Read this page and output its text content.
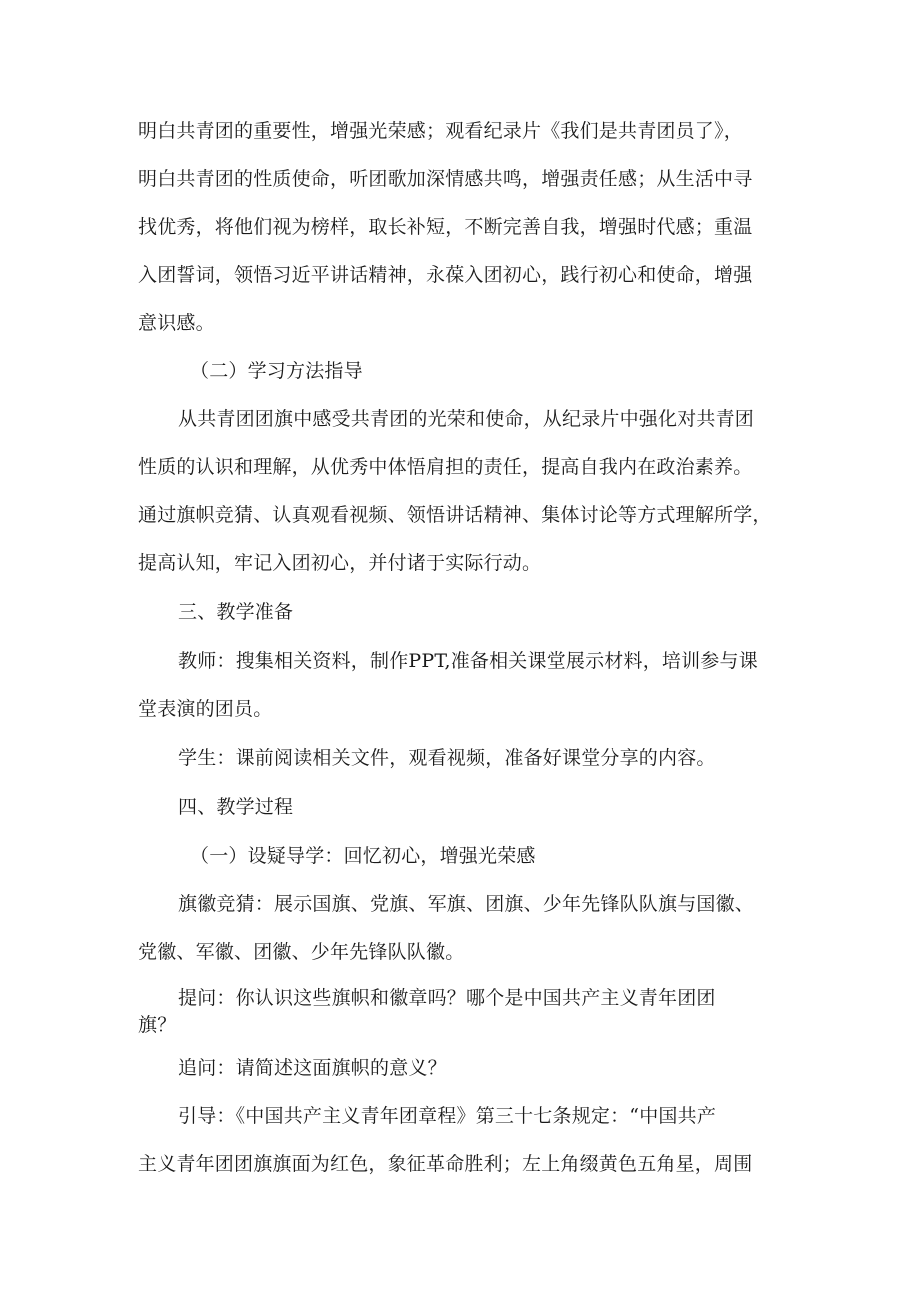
明白共青团的重要性，增强光荣感；观看纪录片《我们是共青团员了》，
明白共青团的性质使命，听团歌加深情感共鸣，增强责任感；从生活中寻
找优秀，将他们视为榜样，取长补短，不断完善自我，增强时代感；重温
入团誓词，领悟习近平讲话精神，永葆入团初心，践行初心和使命，增强
意识感。
（二）学习方法指导
从共青团团旗中感受共青团的光荣和使命，从纪录片中强化对共青团
性质的认识和理解，从优秀中体悟肩担的责任，提高自我内在政治素养。
通过旗帜竞猜、认真观看视频、领悟讲话精神、集体讨论等方式理解所学，
提高认知，牢记入团初心，并付诸于实际行动。
三、教学准备
教师：搜集相关资料，制作PPT,准备相关课堂展示材料，培训参与课
堂表演的团员。
学生：课前阅读相关文件，观看视频，准备好课堂分享的内容。
四、教学过程
（一）设疑导学：回忆初心，增强光荣感
旗徽竞猜：展示国旗、党旗、军旗、团旗、少年先锋队队旗与国徽、
党徽、军徽、团徽、少年先锋队队徽。
提问：你认识这些旗帜和徽章吗？哪个是中国共产主义青年团团
旗？
追问：请简述这面旗帜的意义？
引导：《中国共产主义青年团章程》第三十七条规定：“中国共产
主义青年团团旗旗面为红色，象征革命胜利；左上角缀黄色五角星，周围
